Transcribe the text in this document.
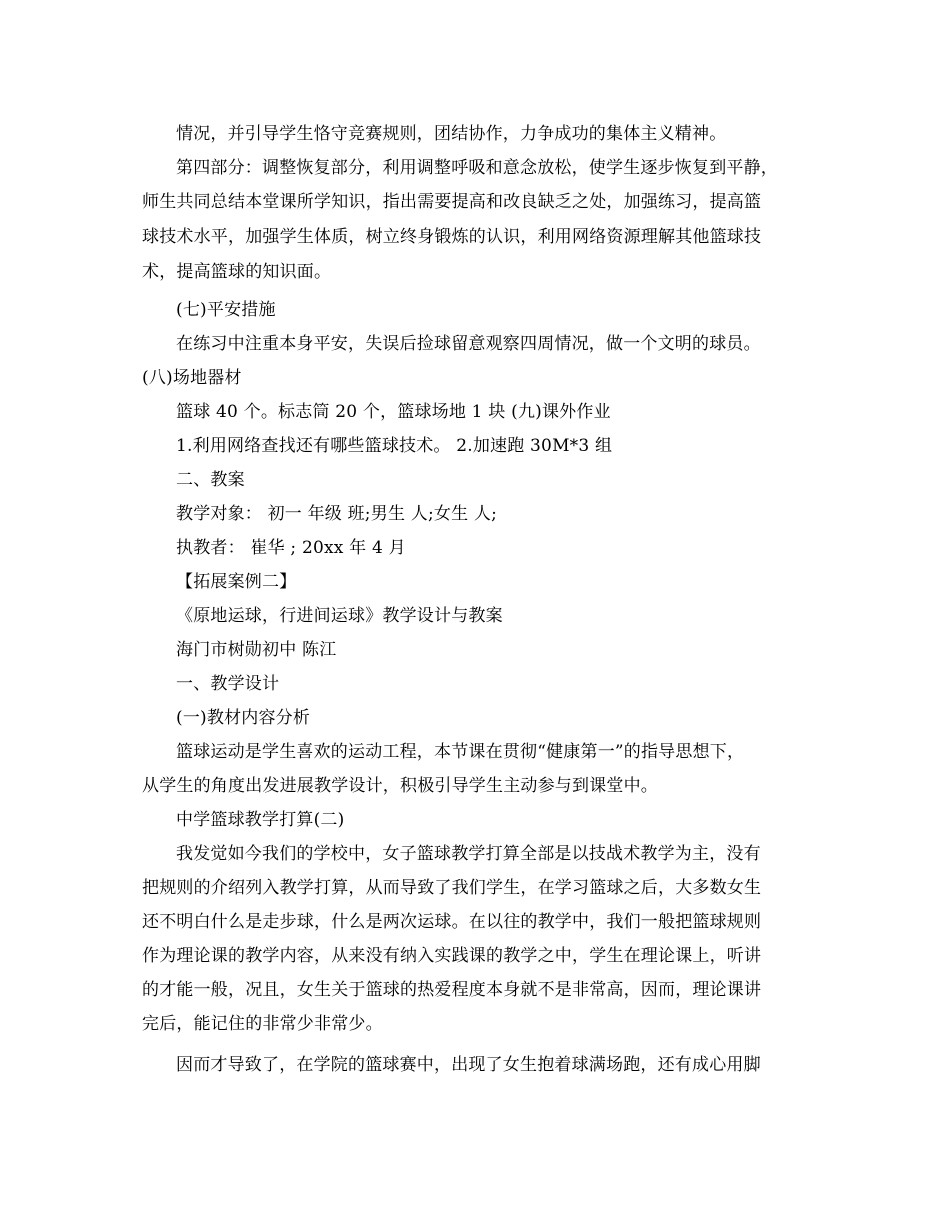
情况，并引导学生恪守竞赛规则，团结协作，力争成功的集体主义精神。
第四部分：调整恢复部分，利用调整呼吸和意念放松，使学生逐步恢复到平静，
师生共同总结本堂课所学知识，指出需要提高和改良缺乏之处，加强练习，提高篮
球技术水平，加强学生体质，树立终身锻炼的认识，利用网络资源理解其他篮球技
术，提高篮球的知识面。
(七)平安措施
在练习中注重本身平安，失误后捡球留意观察四周情况，做一个文明的球员。
(八)场地器材
篮球 40 个。标志筒 20 个，篮球场地 1 块 (九)课外作业
1.利用网络查找还有哪些篮球技术。 2.加速跑 30M*3 组
二、教案
教学对象： 初一 年级 班;男生 人;女生 人;
执教者： 崔华 ; 20xx 年 4 月
【拓展案例二】
《原地运球，行进间运球》教学设计与教案
海门市树勋初中 陈江
一、教学设计
(一)教材内容分析
篮球运动是学生喜欢的运动工程，本节课在贯彻“健康第一”的指导思想下，
从学生的角度出发进展教学设计，积极引导学生主动参与到课堂中。
中学篮球教学打算(二)
我发觉如今我们的学校中，女子篮球教学打算全部是以技战术教学为主，没有
把规则的介绍列入教学打算，从而导致了我们学生，在学习篮球之后，大多数女生
还不明白什么是走步球，什么是两次运球。在以往的教学中，我们一般把篮球规则
作为理论课的教学内容，从来没有纳入实践课的教学之中，学生在理论课上，听讲
的才能一般，况且，女生关于篮球的热爱程度本身就不是非常高，因而，理论课讲
完后，能记住的非常少非常少。
因而才导致了，在学院的篮球赛中，出现了女生抱着球满场跑，还有成心用脚
